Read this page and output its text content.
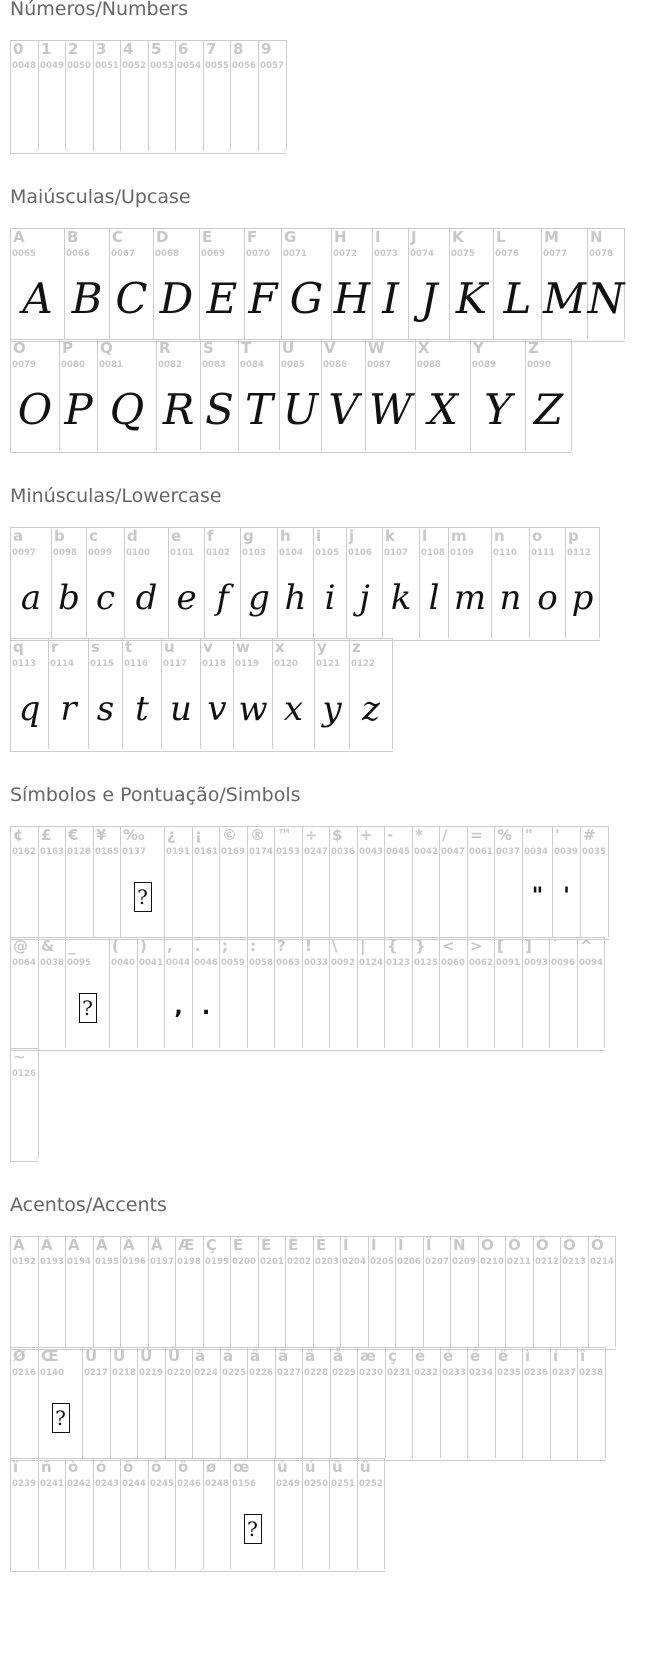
Números/Numbers
0
0048
1
0049
2
0050
3
0051
4
0052
5
0053
6
0054
7
0055
8
0056
9
0057
Maiúsculas/Upcase
A
0065
A
B
0066
B
C
0067
C
D
0068
D
E
0069
E
F
0070
F
G
0071
G
H
0072
H
I
0073
I
J
0074
J
K
0075
K
L
0076
L
M
0077
M
N
0078
N
O
0079
O
P
0080
P
Q
0081
Q
R
0082
R
S
0083
S
T
0084
T
U
0085
U
V
0086
V
W
0087
W
X
0088
X
Y
0089
Y
Z
0090
Z
Minúsculas/Lowercase
a
0097
a
b
0098
b
c
0099
c
d
0100
d
e
0101
e
f
0102
f
g
0103
g
h
0104
h
i
0105
i
j
0106
j
k
0107
k
l
0108
l
m
0109
m
n
0110
n
o
0111
o
p
0112
p
q
0113
q
r
0114
r
s
0115
s
t
0116
t
u
0117
u
v
0118
v
w
0119
w
x
0120
x
y
0121
y
z
0122
z
Símbolos e Pontuação/Simbols
¢
0162
£
0163
€
0128
¥
0165
‰
0137
?
¿
0191
¡
0161
©
0169
®
0174
™
0153
÷
0247
$
0036
+
0043
-
0045
*
0042
/
0047
=
0061
%
0037
"
0034
"
'
0039
'
#
0035
@
0064
&
0038
_
0095
?
(
0040
)
0041
,
0044
,
.
0046
.
;
0059
:
0058
?
0063
!
0033
\
0092
|
0124
{
0123
}
0125
<
0060
>
0062
[
0091
]
0093
`
0096
^
0094
~
0126
Acentos/Accents
À
0192
Á
0193
Â
0194
Ã
0195
Ä
0196
Å
0197
Æ
0198
Ç
0199
È
0200
É
0201
Ê
0202
Ë
0203
Ì
0204
Í
0205
Î
0206
Ï
0207
Ñ
0209
Ò
0210
Ó
0211
Ô
0212
Õ
0213
Ö
0214
Ø
0216
Œ
0140
?
Ù
0217
Ú
0218
Û
0219
Ü
0220
à
0224
á
0225
â
0226
ã
0227
ä
0228
å
0229
æ
0230
ç
0231
è
0232
é
0233
ê
0234
ë
0235
ì
0236
í
0237
î
0238
ï
0239
ñ
0241
ò
0242
ó
0243
ô
0244
õ
0245
ö
0246
ø
0248
œ
0156
?
ù
0249
ú
0250
û
0251
ü
0252
